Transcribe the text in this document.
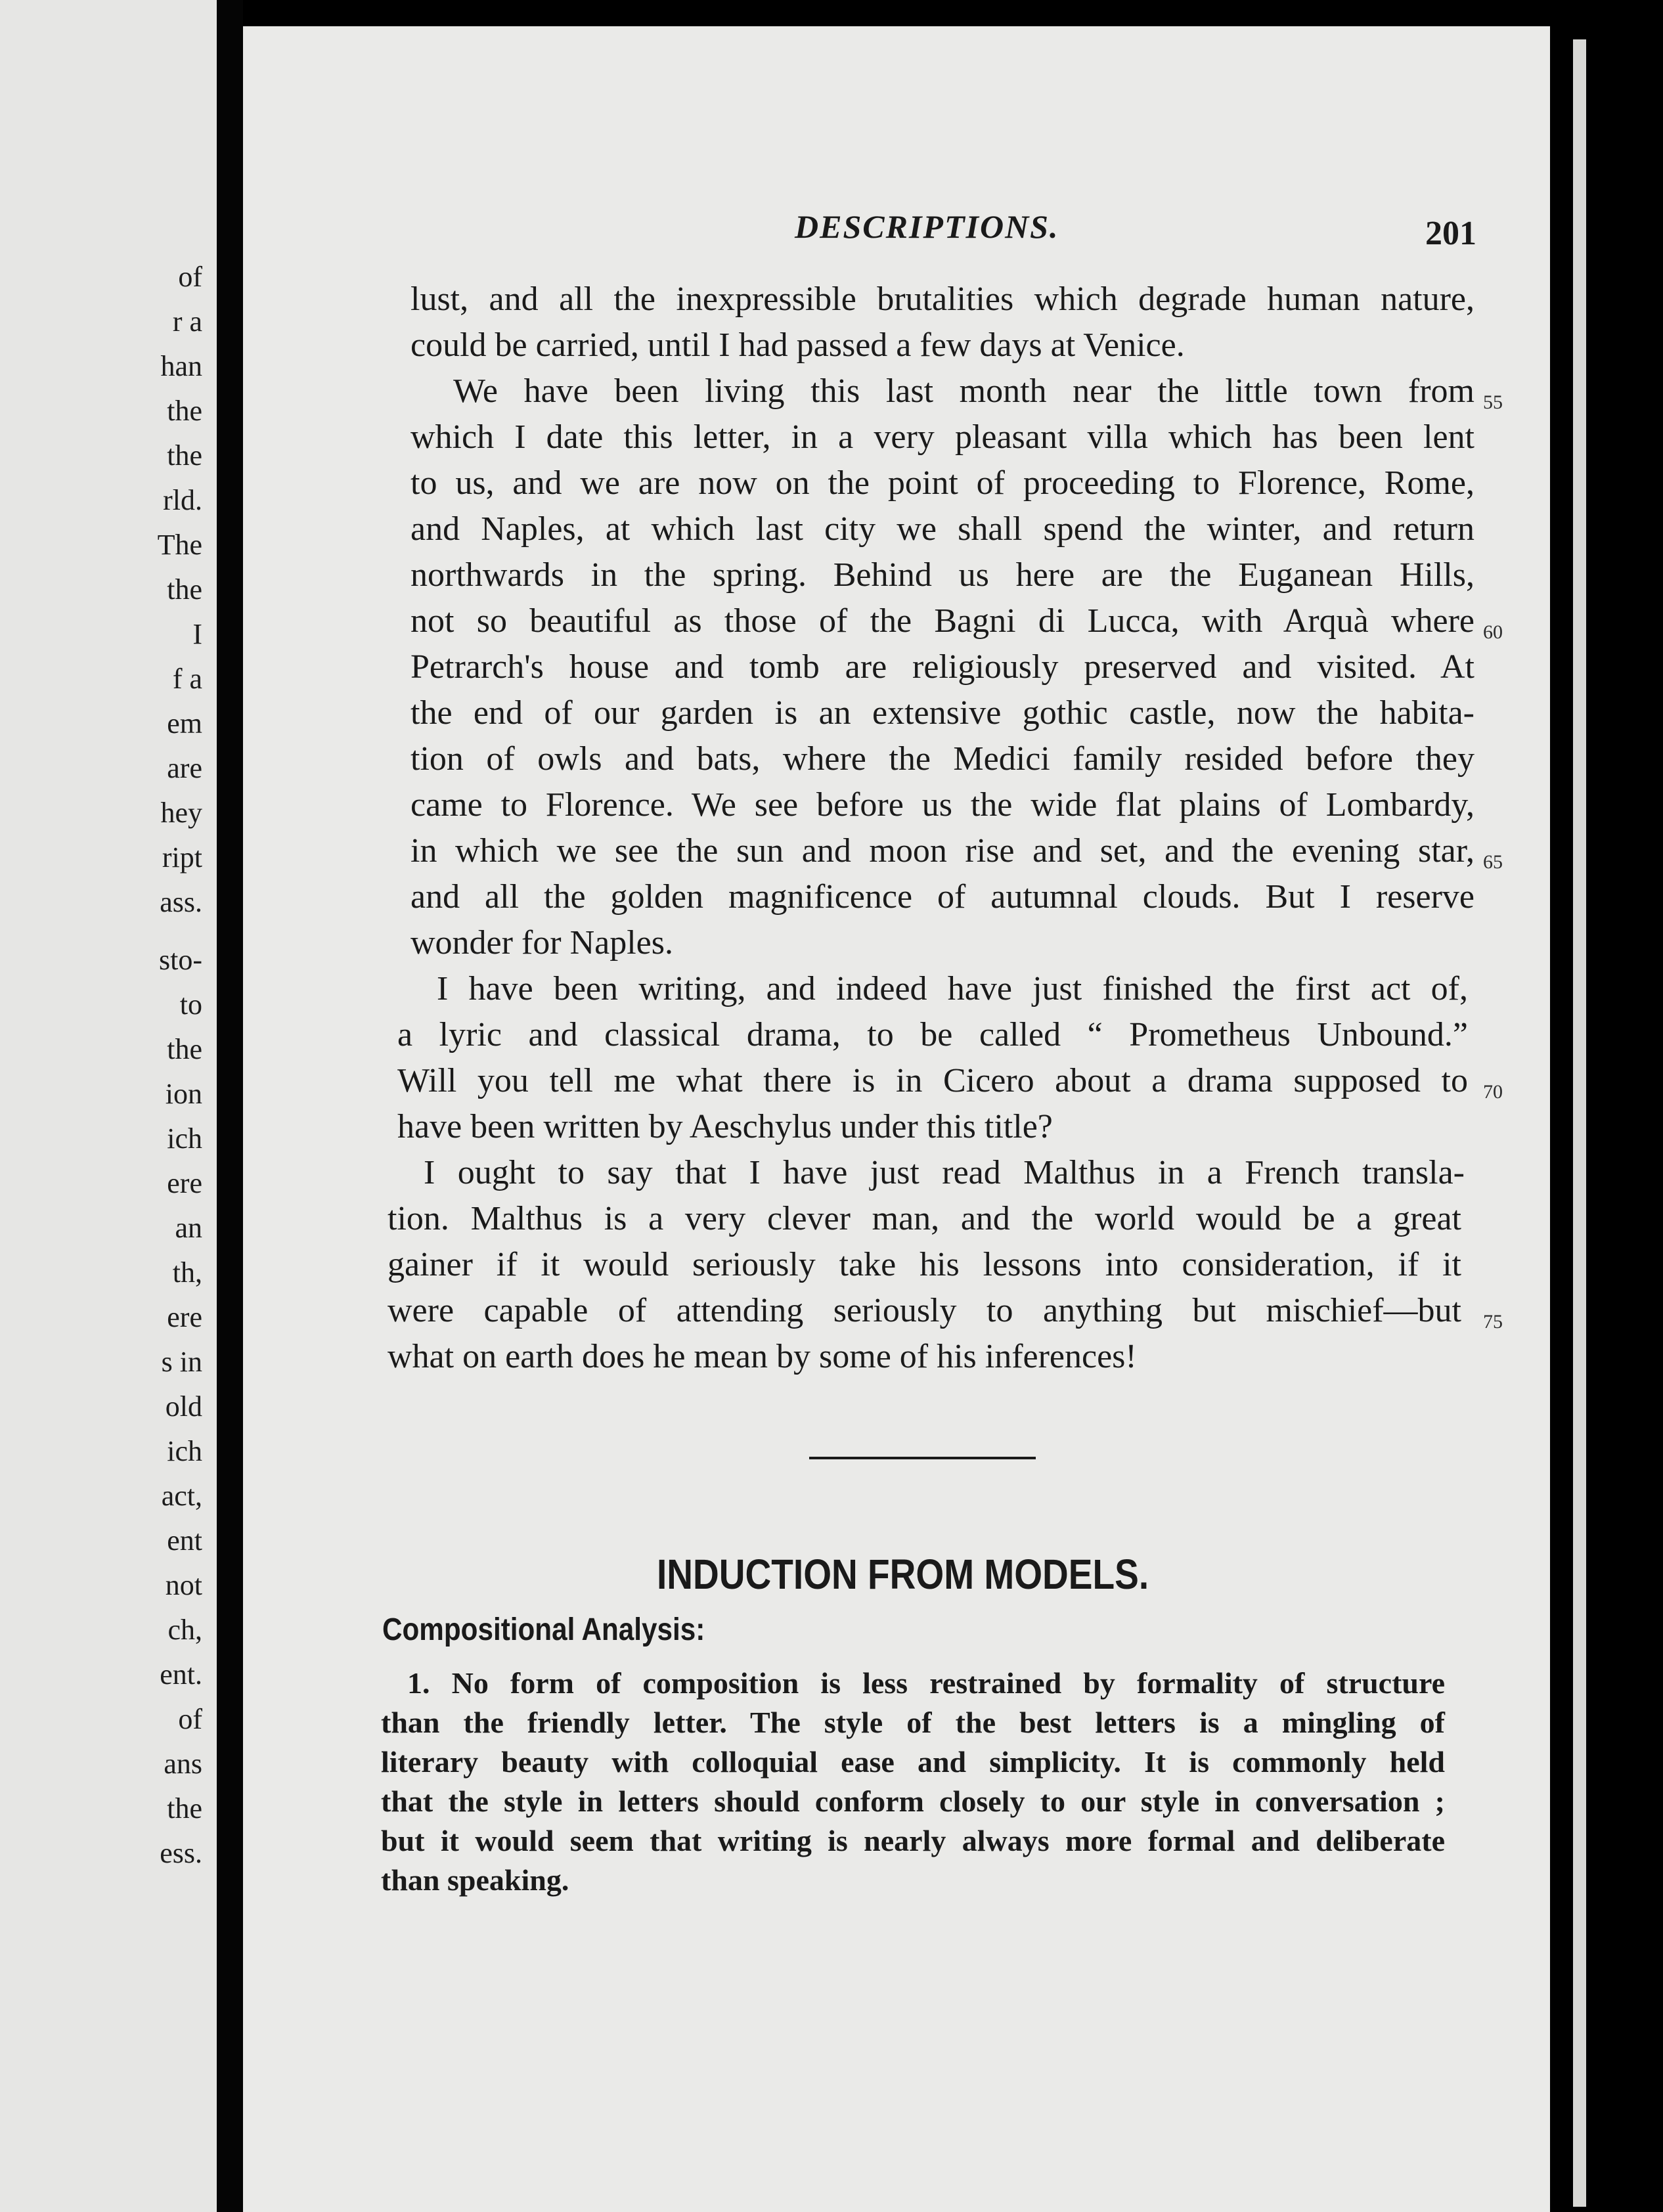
of
r a
han
the
the
rld.
The
the
I
f a
em
are
hey
ript
ass.
sto-
to
the
ion
ich
ere
an
th,
ere
s in
old
ich
act,
ent
not
ch,
ent.
of
ans
the
ess.
DESCRIPTIONS.	201
lust, and all the inexpressible brutalities which degrade human nature,
could be carried, until I had passed a few days at Venice.
We have been living this last month near the little town from
which I date this letter, in a very pleasant villa which has been lent
to us, and we are now on the point of proceeding to Florence, Rome,
and Naples, at which last city we shall spend the winter, and return
northwards in the spring. Behind us here are the Euganean Hills,
not so beautiful as those of the Bagni di Lucca, with Arquà where
Petrarch's house and tomb are religiously preserved and visited. At
the end of our garden is an extensive gothic castle, now the habita-
tion of owls and bats, where the Medici family resided before they
came to Florence. We see before us the wide flat plains of Lombardy,
in which we see the sun and moon rise and set, and the evening star,
and all the golden magnificence of autumnal clouds. But I reserve
wonder for Naples.
I have been writing, and indeed have just finished the first act of,
a lyric and classical drama, to be called “ Prometheus Unbound.”
Will you tell me what there is in Cicero about a drama supposed to
have been written by Aeschylus under this title?
I ought to say that I have just read Malthus in a French transla-
tion. Malthus is a very clever man, and the world would be a great
gainer if it would seriously take his lessons into consideration, if it
were capable of attending seriously to anything but mischief—but
what on earth does he mean by some of his inferences!
55
60
65
70
75
INDUCTION FROM MODELS.
Compositional Analysis:
1. No form of composition is less restrained by formality of structure
than the friendly letter. The style of the best letters is a mingling of
literary beauty with colloquial ease and simplicity. It is commonly held
that the style in letters should conform closely to our style in conversation ;
but it would seem that writing is nearly always more formal and deliberate
than speaking.
